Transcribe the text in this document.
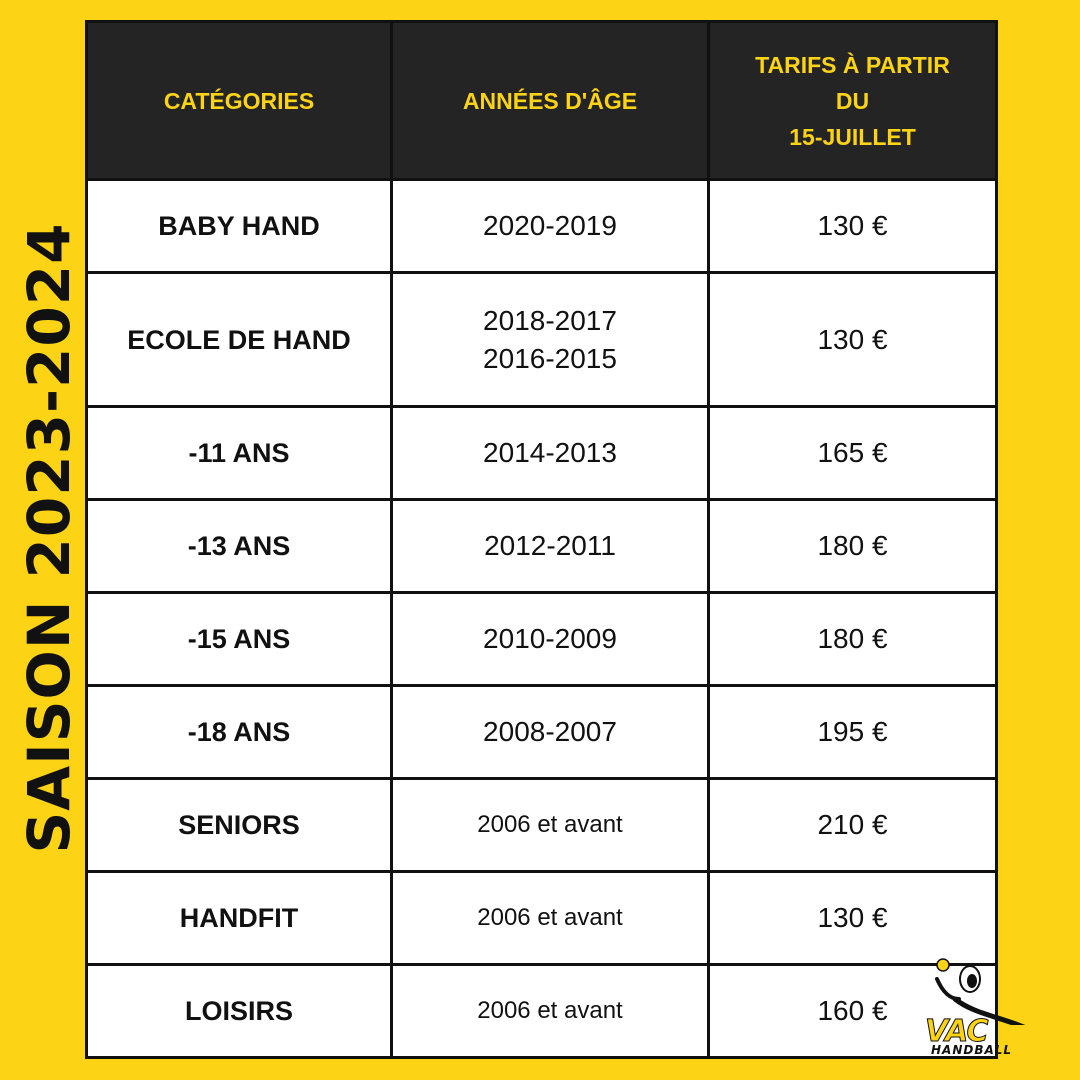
SAISON 2023-2024
CATÉGORIES	ANNÉES D'ÂGE	TARIFS À PARTIR
DU
15-JUILLET

BABY HAND	2020-2019	130 €
ECOLE DE HAND	2018-2017
2016-2015	130 €
-11 ANS	2014-2013	165 €
-13 ANS	2012-2011	180 €
-15 ANS	2010-2009	180 €
-18 ANS	2008-2007	195 €
SENIORS	2006 et avant	210 €
HANDFIT	2006 et avant	130 €
LOISIRS	2006 et avant	160 €
VAC
HANDBALL
